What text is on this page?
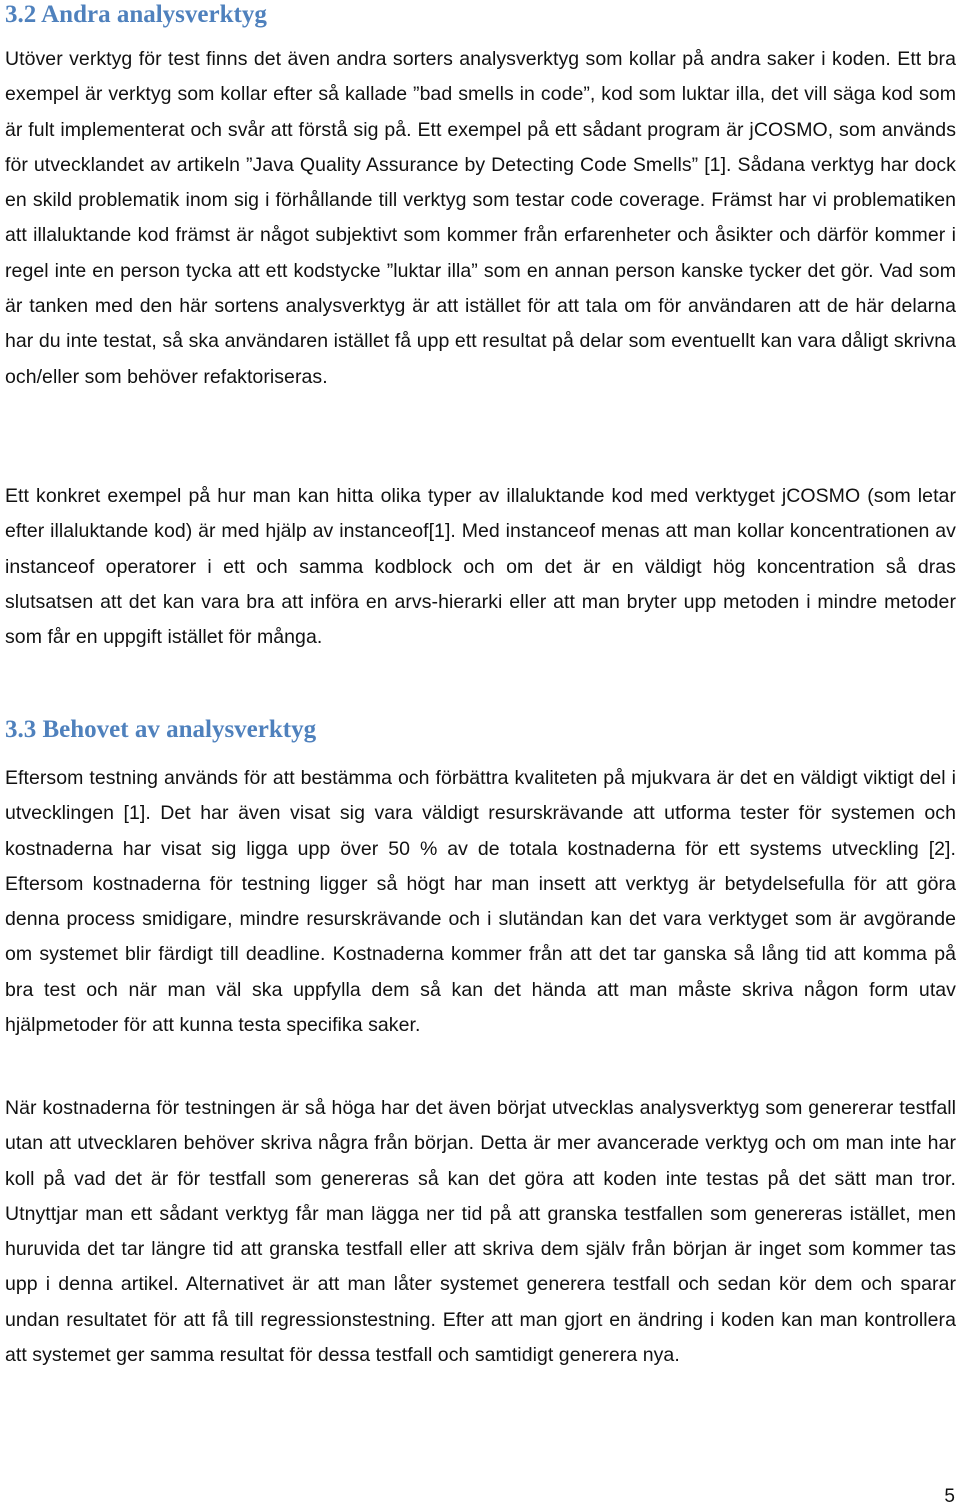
3.2 Andra analysverktyg

Utöver verktyg för test finns det även andra sorters analysverktyg som kollar på andra saker i koden. Ett bra exempel är verktyg som kollar efter så kallade ”bad smells in code”, kod som luktar illa, det vill säga kod som är fult implementerat och svår att förstå sig på. Ett exempel på ett sådant program är jCOSMO, som används för utvecklandet av artikeln ”Java Quality Assurance by Detecting Code Smells” [1]. Sådana verktyg har dock en skild problematik inom sig i förhållande till verktyg som testar code coverage. Främst har vi problematiken att illaluktande kod främst är något subjektivt som kommer från erfarenheter och åsikter och därför kommer i regel inte en person tycka att ett kodstycke ”luktar illa” som en annan person kanske tycker det gör. Vad som är tanken med den här sortens analysverktyg är att istället för att tala om för användaren att de här delarna har du inte testat, så ska användaren istället få upp ett resultat på delar som eventuellt kan vara dåligt skrivna och/eller som behöver refaktoriseras.

Ett konkret exempel på hur man kan hitta olika typer av illaluktande kod med verktyget jCOSMO (som letar efter illaluktande kod) är med hjälp av instanceof[1]. Med instanceof menas att man kollar koncentrationen av instanceof operatorer i ett och samma kodblock och om det är en väldigt hög koncentration så dras slutsatsen att det kan vara bra att införa en arvs-hierarki eller att man bryter upp metoden i mindre metoder som får en uppgift istället för många.

3.3 Behovet av analysverktyg

Eftersom testning används för att bestämma och förbättra kvaliteten på mjukvara är det en väldigt viktigt del i utvecklingen [1]. Det har även visat sig vara väldigt resurskrävande att utforma tester för systemen och kostnaderna har visat sig ligga upp över 50 % av de totala kostnaderna för ett systems utveckling [2]. Eftersom kostnaderna för testning ligger så högt har man insett att verktyg är betydelsefulla för att göra denna process smidigare, mindre resurskrävande och i slutändan kan det vara verktyget som är avgörande om systemet blir färdigt till deadline. Kostnaderna kommer från att det tar ganska så lång tid att komma på bra test och när man väl ska uppfylla dem så kan det hända att man måste skriva någon form utav hjälpmetoder för att kunna testa specifika saker.

När kostnaderna för testningen är så höga har det även börjat utvecklas analysverktyg som genererar testfall utan att utvecklaren behöver skriva några från början. Detta är mer avancerade verktyg och om man inte har koll på vad det är för testfall som genereras så kan det göra att koden inte testas på det sätt man tror. Utnyttjar man ett sådant verktyg får man lägga ner tid på att granska testfallen som genereras istället, men huruvida det tar längre tid att granska testfall eller att skriva dem själv från början är inget som kommer tas upp i denna artikel. Alternativet är att man låter systemet generera testfall och sedan kör dem och sparar undan resultatet för att få till regressionstestning. Efter att man gjort en ändring i koden kan man kontrollera att systemet ger samma resultat för dessa testfall och samtidigt generera nya.

5
